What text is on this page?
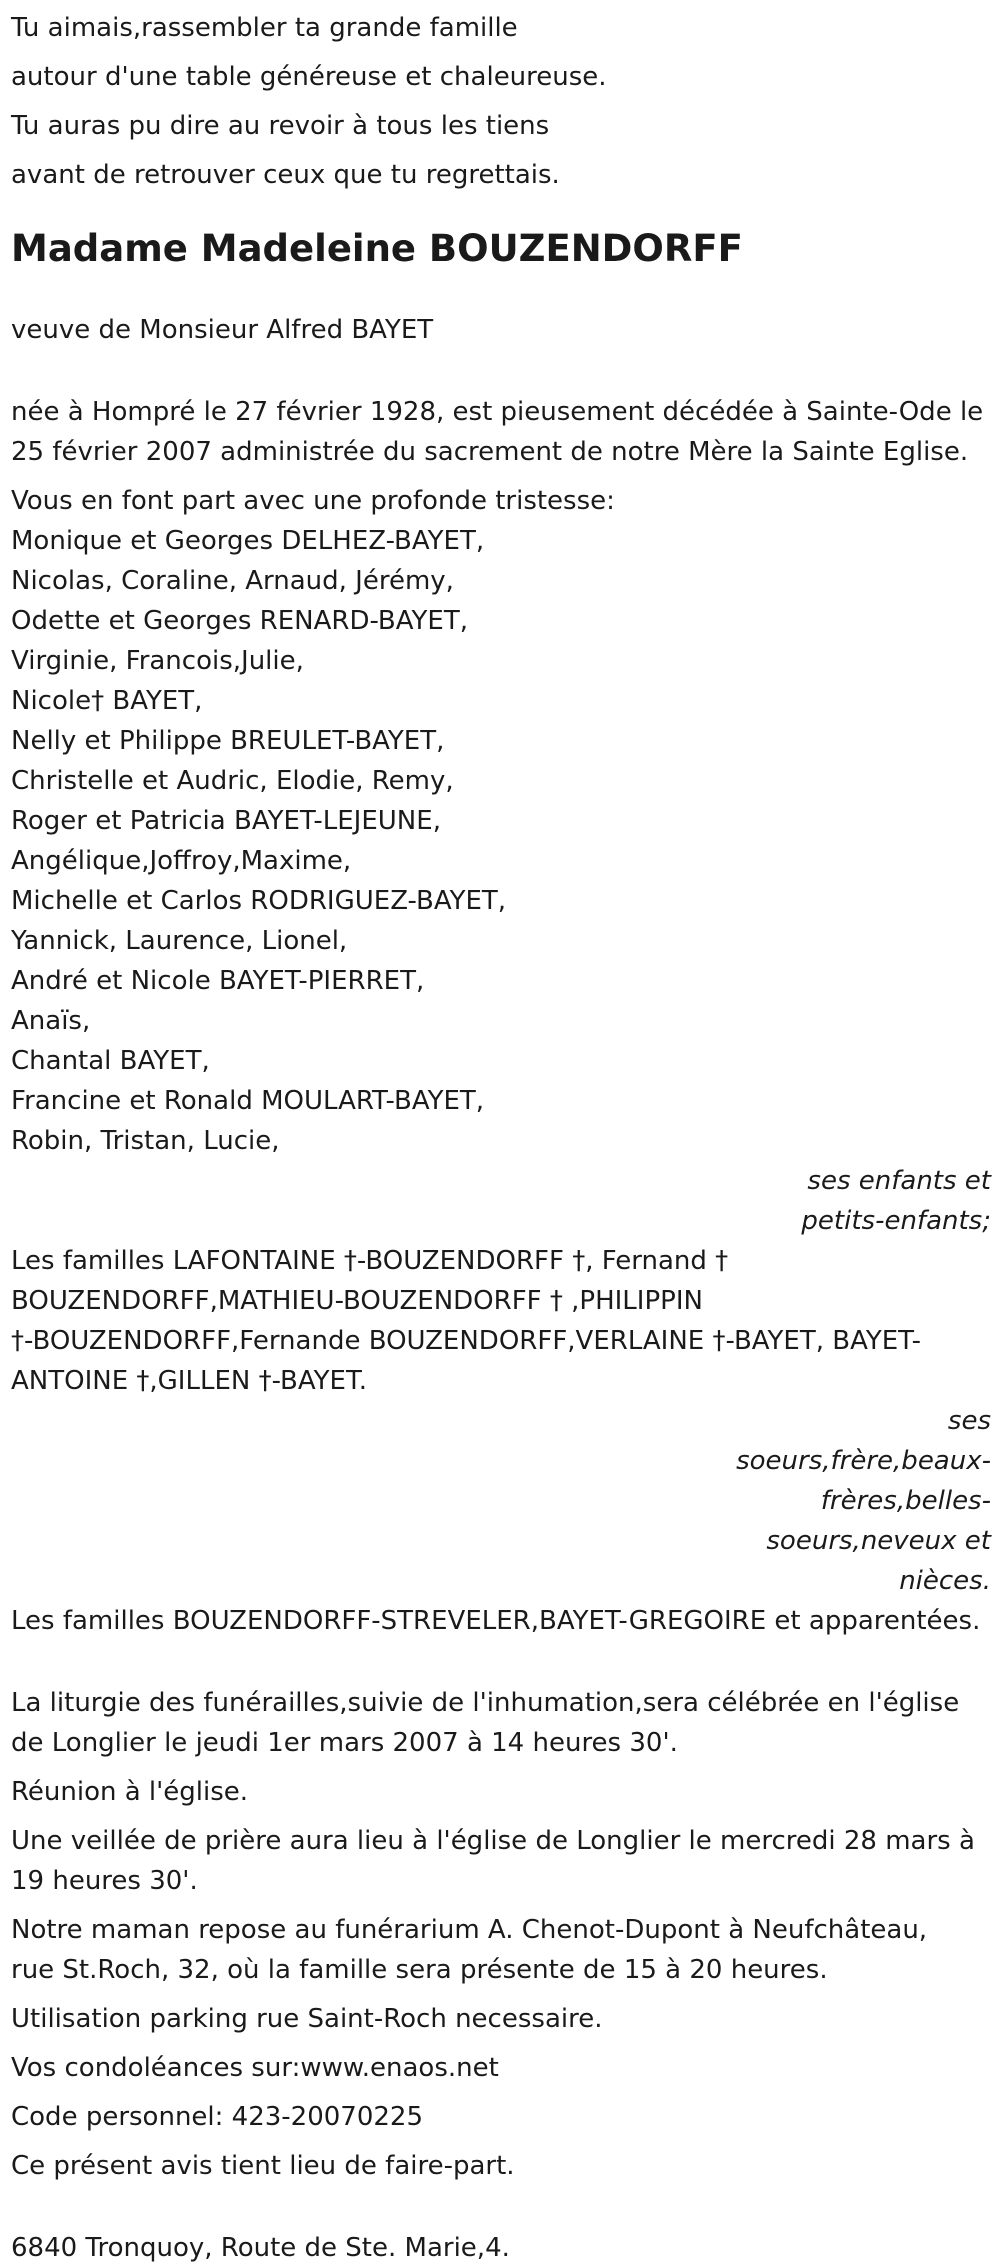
Tu aimais,rassembler ta grande famille
autour d'une table généreuse et chaleureuse.
Tu auras pu dire au revoir à tous les tiens
avant de retrouver ceux que tu regrettais.
Madame Madeleine BOUZENDORFF
veuve de Monsieur Alfred BAYET
née à Hompré le 27 février 1928, est pieusement décédée à Sainte-Ode le
25 février 2007 administrée du sacrement de notre Mère la Sainte Eglise.
Vous en font part avec une profonde tristesse:
Monique et Georges DELHEZ-BAYET,
Nicolas, Coraline, Arnaud, Jérémy,
Odette et Georges RENARD-BAYET,
Virginie, Francois,Julie,
Nicole† BAYET,
Nelly et Philippe BREULET-BAYET,
Christelle et Audric, Elodie, Remy,
Roger et Patricia BAYET-LEJEUNE,
Angélique,Joffroy,Maxime,
Michelle et Carlos RODRIGUEZ-BAYET,
Yannick, Laurence, Lionel,
André et Nicole BAYET-PIERRET,
Anaïs,
Chantal BAYET,
Francine et Ronald MOULART-BAYET,
Robin, Tristan, Lucie,
ses enfants et
petits-enfants;
Les familles LAFONTAINE †-BOUZENDORFF †, Fernand †
BOUZENDORFF,MATHIEU-BOUZENDORFF † ,PHILIPPIN
†-BOUZENDORFF,Fernande BOUZENDORFF,VERLAINE †-BAYET, BAYET-
ANTOINE †,GILLEN †-BAYET.
ses
soeurs,frère,beaux-
frères,belles-
soeurs,neveux et
nièces.
Les familles BOUZENDORFF-STREVELER,BAYET-GREGOIRE et apparentées.
La liturgie des funérailles,suivie de l'inhumation,sera célébrée en l'église
de Longlier le jeudi 1er mars 2007 à 14 heures 30'.
Réunion à l'église.
Une veillée de prière aura lieu à l'église de Longlier le mercredi 28 mars à
19 heures 30'.
Notre maman repose au funérarium A. Chenot-Dupont à Neufchâteau,
rue St.Roch, 32, où la famille sera présente de 15 à 20 heures.
Utilisation parking rue Saint-Roch necessaire.
Vos condoléances sur:www.enaos.net
Code personnel: 423-20070225
Ce présent avis tient lieu de faire-part.
6840 Tronquoy, Route de Ste. Marie,4.
